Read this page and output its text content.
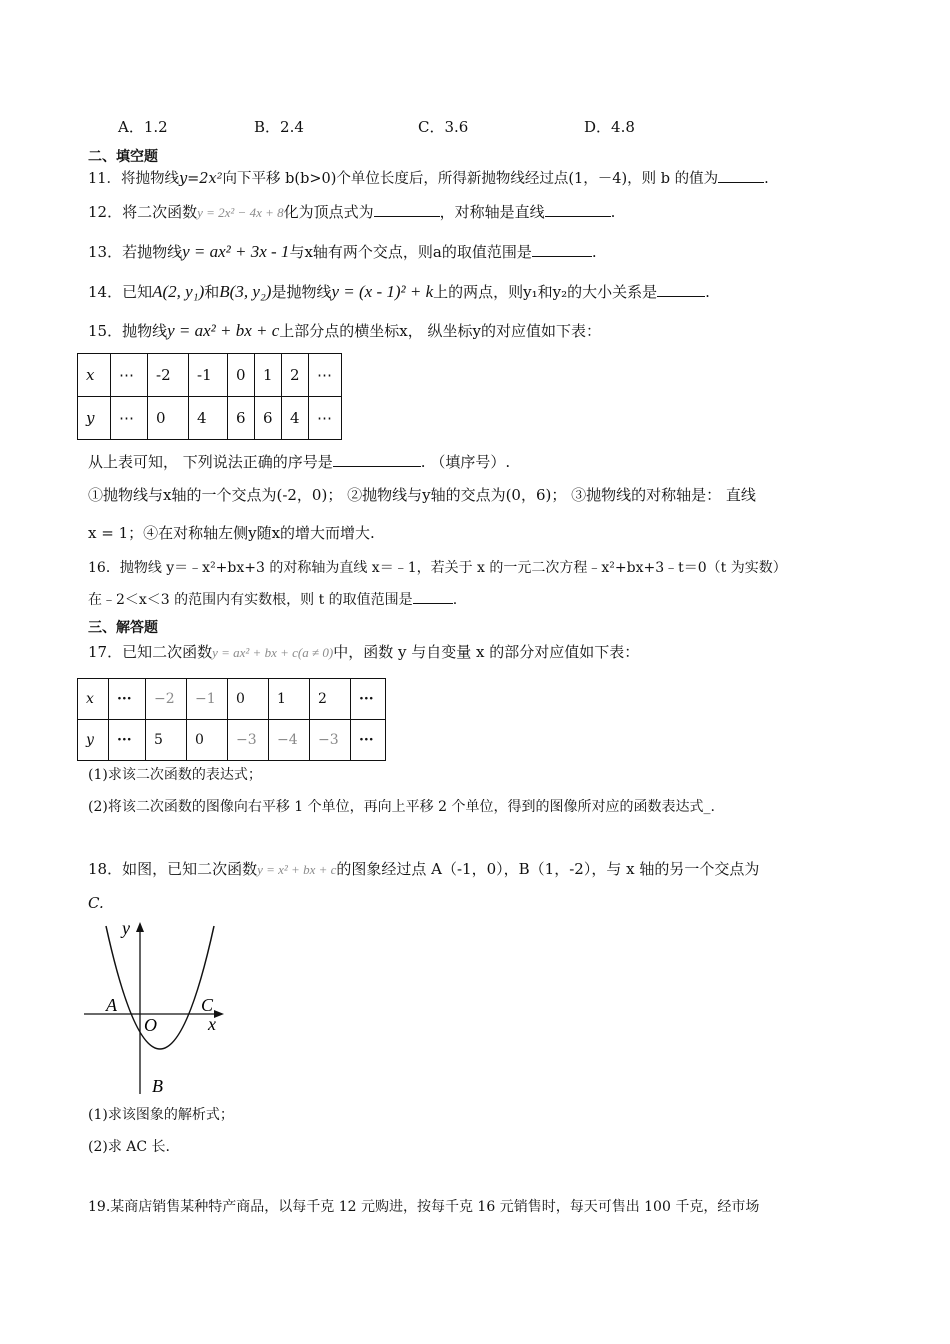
A．1.2	B．2.4	C．3.6	D．4.8
二、填空题
11．将抛物线y=2x²向下平移 b(b>0)个单位长度后，所得新抛物线经过点(1，－4)，则 b 的值为	.
12．将二次函数y = 2x² − 4x + 8化为顶点式为	，对称轴是直线	.
13．若抛物线y = ax² + 3x - 1与x轴有两个交点，则a的取值范围是	.
14．已知A(2, y₁)和B(3, y₂)是抛物线y = (x - 1)² + k上的两点，则y₁和y₂的大小关系是	.
15．抛物线y = ax² + bx + c上部分点的横坐标x， 纵坐标y的对应值如下表：
x	⋯	-2	-1	0	1	2	⋯
y	⋯	0	4	6	6	4	⋯
从上表可知， 下列说法正确的序号是	. （填序号）.
①抛物线与x轴的一个交点为(-2，0)； ②抛物线与y轴的交点为(0，6)； ③抛物线的对称轴是： 直线
x = 1；④在对称轴左侧y随x的增大而增大.
16．抛物线 y＝﹣x²+bx+3 的对称轴为直线 x＝﹣1，若关于 x 的一元二次方程﹣x²+bx+3﹣t＝0（t 为实数）
在﹣2＜x＜3 的范围内有实数根，则 t 的取值范围是	.
三、解答题
17．已知二次函数y = ax² + bx + c(a ≠ 0)中，函数 y 与自变量 x 的部分对应值如下表：
x	···	−2	−1	0	1	2	···
y	···	5	0	−3	−4	−3	···
(1)求该二次函数的表达式；
(2)将该二次函数的图像向右平移 1 个单位，再向上平移 2 个单位，得到的图像所对应的函数表达式_.
18．如图，已知二次函数y = x² + bx + c的图象经过点 A（-1，0），B（1，-2），与 x 轴的另一个交点为
C.
y
x
O
A
B
C
(1)求该图象的解析式；
(2)求 AC 长.
19.某商店销售某种特产商品，以每千克 12 元购进，按每千克 16 元销售时，每天可售出 100 千克，经市场
